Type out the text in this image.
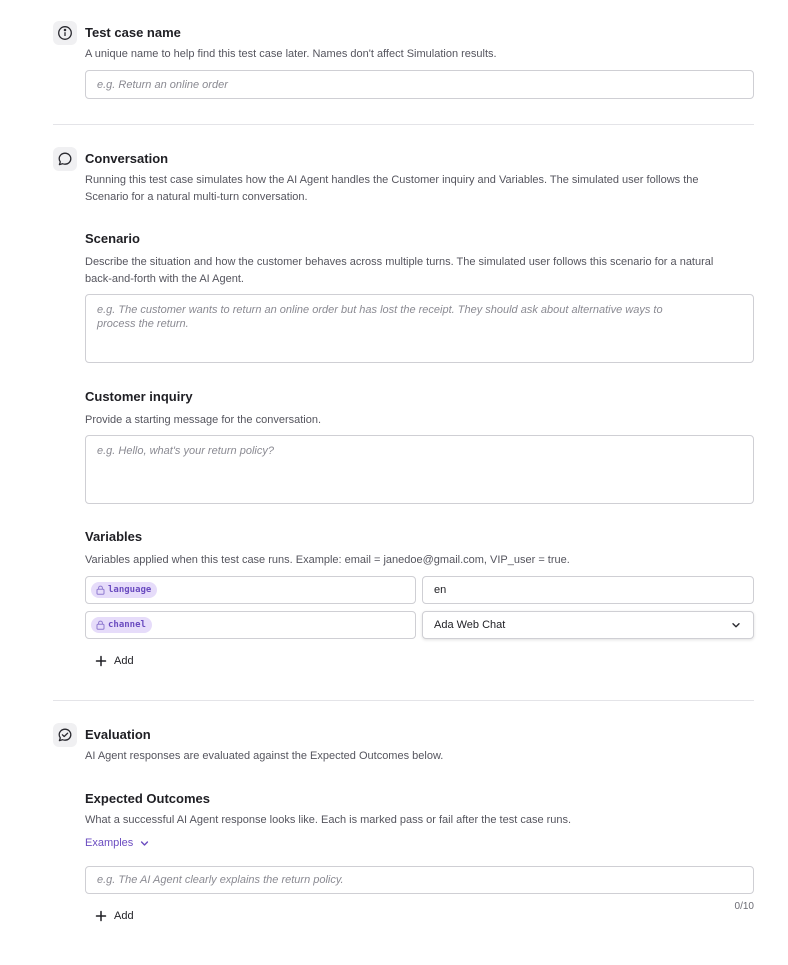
Test case name
A unique name to help find this test case later. Names don't affect Simulation results.
e.g. Return an online order
Conversation
Running this test case simulates how the AI Agent handles the Customer inquiry and Variables. The simulated user follows the
Scenario for a natural multi-turn conversation.
Scenario
Describe the situation and how the customer behaves across multiple turns. The simulated user follows this scenario for a natural
back-and-forth with the AI Agent.
e.g. The customer wants to return an online order but has lost the receipt. They should ask about alternative ways to
process the return.
Customer inquiry
Provide a starting message for the conversation.
e.g. Hello, what's your return policy?
Variables
Variables applied when this test case runs. Example: email = janedoe@gmail.com, VIP_user = true.
language	en
channel	Ada Web Chat
Add
Evaluation
AI Agent responses are evaluated against the Expected Outcomes below.
Expected Outcomes
What a successful AI Agent response looks like. Each is marked pass or fail after the test case runs.
Examples
e.g. The AI Agent clearly explains the return policy.
Add
0/10
